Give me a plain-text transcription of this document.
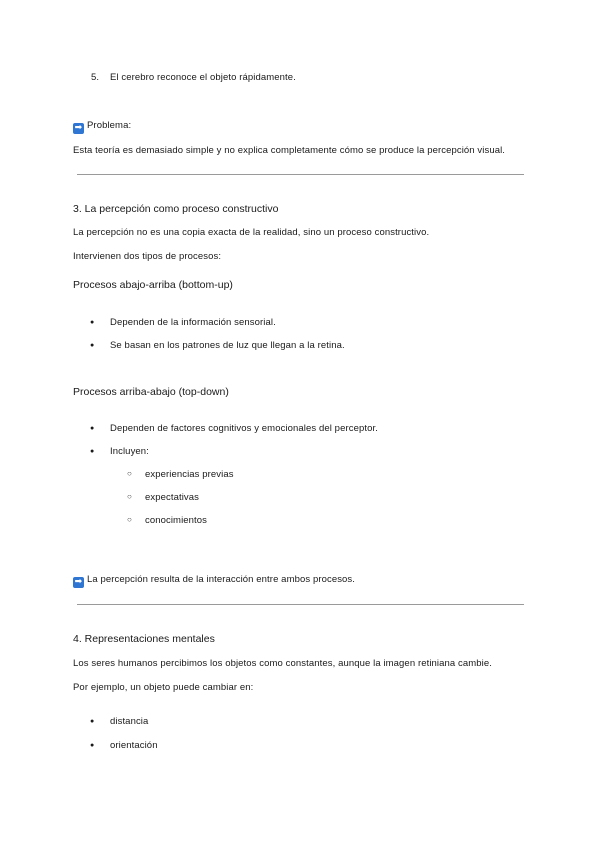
5. El cerebro reconoce el objeto rápidamente.
➡ Problema:
Esta teoría es demasiado simple y no explica completamente cómo se produce la percepción visual.
3. La percepción como proceso constructivo
La percepción no es una copia exacta de la realidad, sino un proceso constructivo.
Intervienen dos tipos de procesos:
Procesos abajo-arriba (bottom-up)
● Dependen de la información sensorial.
● Se basan en los patrones de luz que llegan a la retina.
Procesos arriba-abajo (top-down)
● Dependen de factores cognitivos y emocionales del perceptor.
● Incluyen:
○ experiencias previas
○ expectativas
○ conocimientos
➡ La percepción resulta de la interacción entre ambos procesos.
4. Representaciones mentales
Los seres humanos percibimos los objetos como constantes, aunque la imagen retiniana cambie.
Por ejemplo, un objeto puede cambiar en:
● distancia
● orientación
